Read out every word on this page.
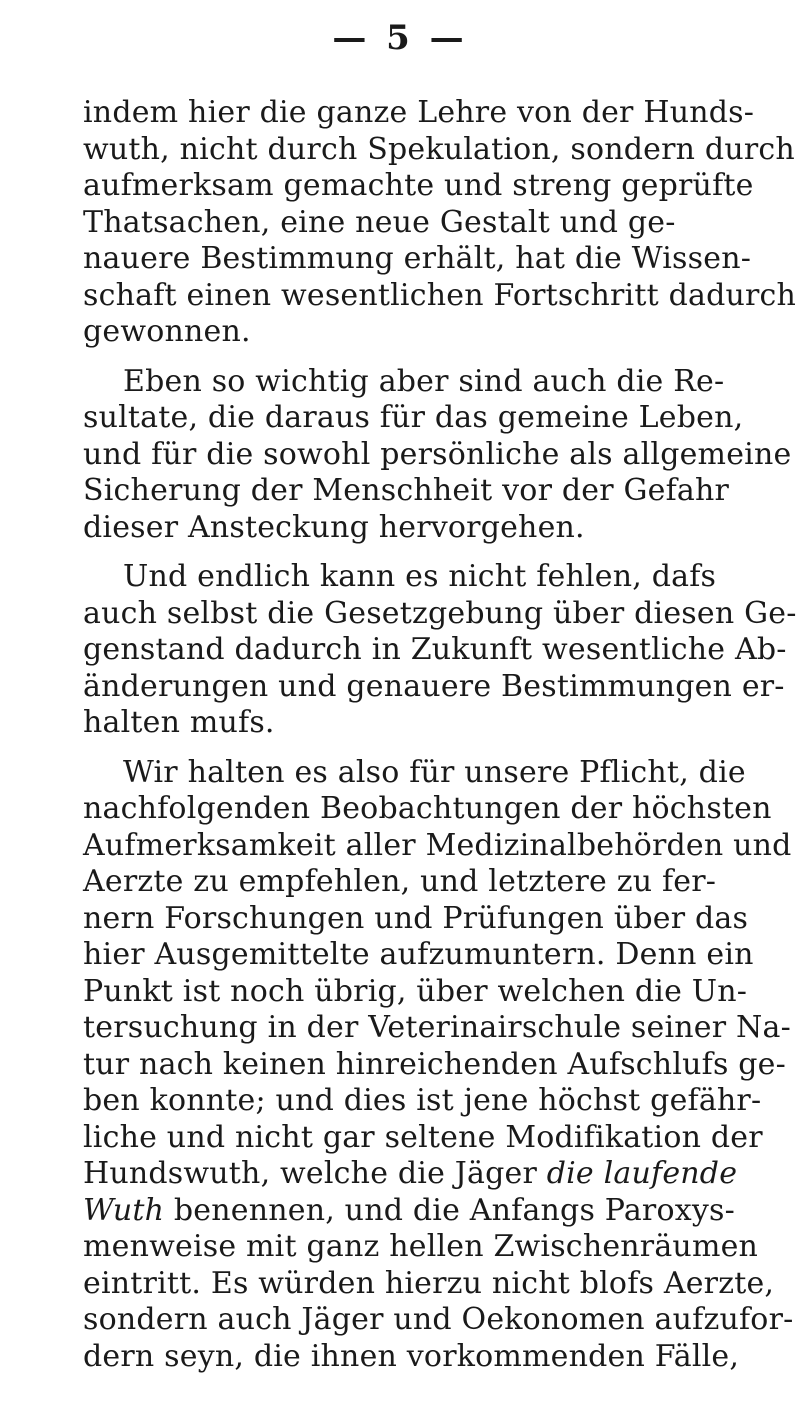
— 5 —
indem hier die ganze Lehre von der Hunds-
wuth, nicht durch Spekulation, sondern durch
aufmerksam gemachte und streng geprüfte
Thatsachen, eine neue Gestalt und ge-
nauere Bestimmung erhält, hat die Wissen-
schaft einen wesentlichen Fortschritt dadurch
gewonnen.
Eben so wichtig aber sind auch die Re-
sultate, die daraus für das gemeine Leben,
und für die sowohl persönliche als allgemeine
Sicherung der Menschheit vor der Gefahr
dieser Ansteckung hervorgehen.
Und endlich kann es nicht fehlen, dafs
auch selbst die Gesetzgebung über diesen Ge-
genstand dadurch in Zukunft wesentliche Ab-
änderungen und genauere Bestimmungen er-
halten mufs.
Wir halten es also für unsere Pflicht, die
nachfolgenden Beobachtungen der höchsten
Aufmerksamkeit aller Medizinalbehörden und
Aerzte zu empfehlen, und letztere zu fer-
nern Forschungen und Prüfungen über das
hier Ausgemittelte aufzumuntern. Denn ein
Punkt ist noch übrig, über welchen die Un-
tersuchung in der Veterinairschule seiner Na-
tur nach keinen hinreichenden Aufschlufs ge-
ben konnte; und dies ist jene höchst gefähr-
liche und nicht gar seltene Modifikation der
Hundswuth, welche die Jäger die laufende
Wuth benennen, und die Anfangs Paroxys-
menweise mit ganz hellen Zwischenräumen
eintritt. Es würden hierzu nicht blofs Aerzte,
sondern auch Jäger und Oekonomen aufzufor-
dern seyn, die ihnen vorkommenden Fälle,
